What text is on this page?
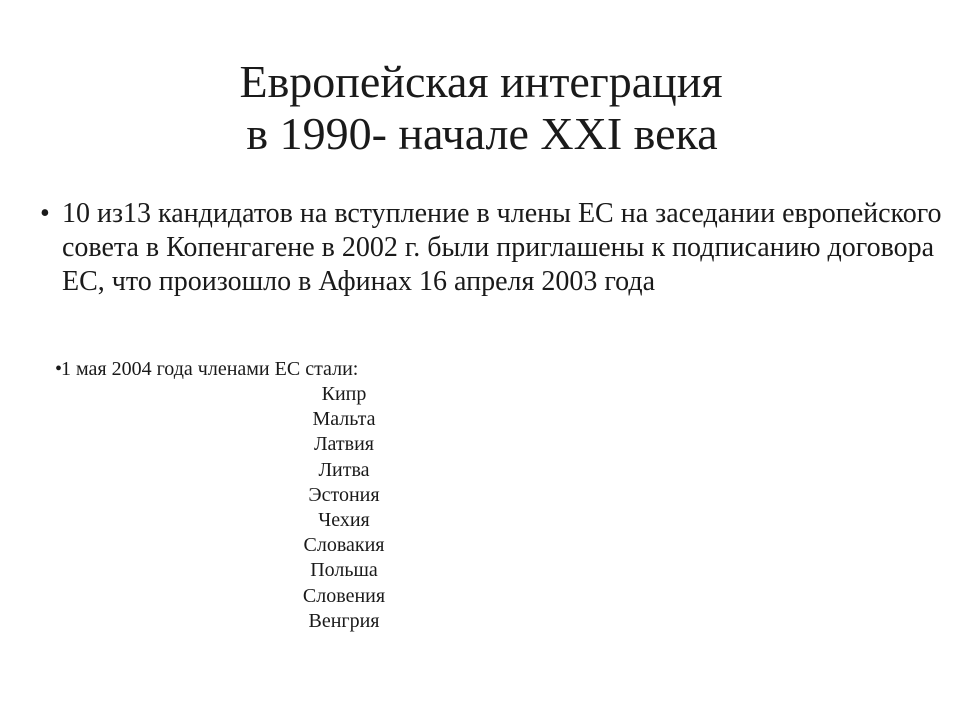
Европейская интеграция
в 1990- начале XXI века
• 10 из13 кандидатов на вступление в члены ЕС на заседании европейского совета в Копенгагене в 2002 г. были приглашены к подписанию договора ЕС, что произошло в Афинах 16 апреля 2003 года
•
1 мая 2004 года членами ЕС стали:
Кипр
Мальта
Латвия
Литва
Эстония
Чехия
Словакия
Польша
Словения
Венгрия
